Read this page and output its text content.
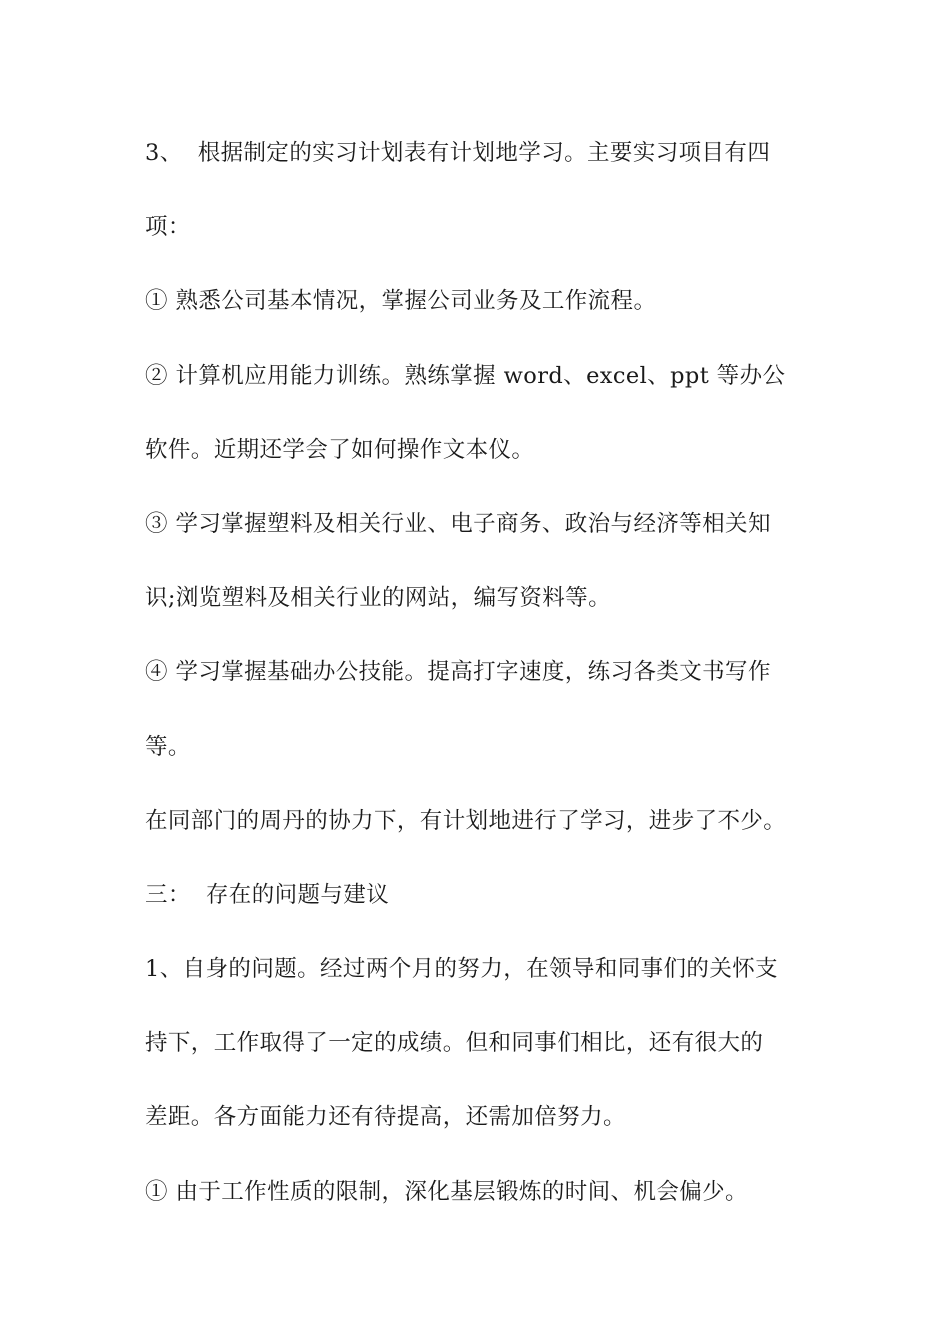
3、  根据制定的实习计划表有计划地学习。主要实习项目有四
项：
① 熟悉公司基本情况，掌握公司业务及工作流程。
② 计算机应用能力训练。熟练掌握 word、excel、ppt 等办公
软件。近期还学会了如何操作文本仪。
③ 学习掌握塑料及相关行业、电子商务、政治与经济等相关知
识;浏览塑料及相关行业的网站，编写资料等。
④ 学习掌握基础办公技能。提高打字速度，练习各类文书写作
等。
在同部门的周丹的协力下，有计划地进行了学习，进步了不少。
三：  存在的问题与建议
1、自身的问题。经过两个月的努力，在领导和同事们的关怀支
持下，工作取得了一定的成绩。但和同事们相比，还有很大的
差距。各方面能力还有待提高，还需加倍努力。
① 由于工作性质的限制，深化基层锻炼的时间、机会偏少。
